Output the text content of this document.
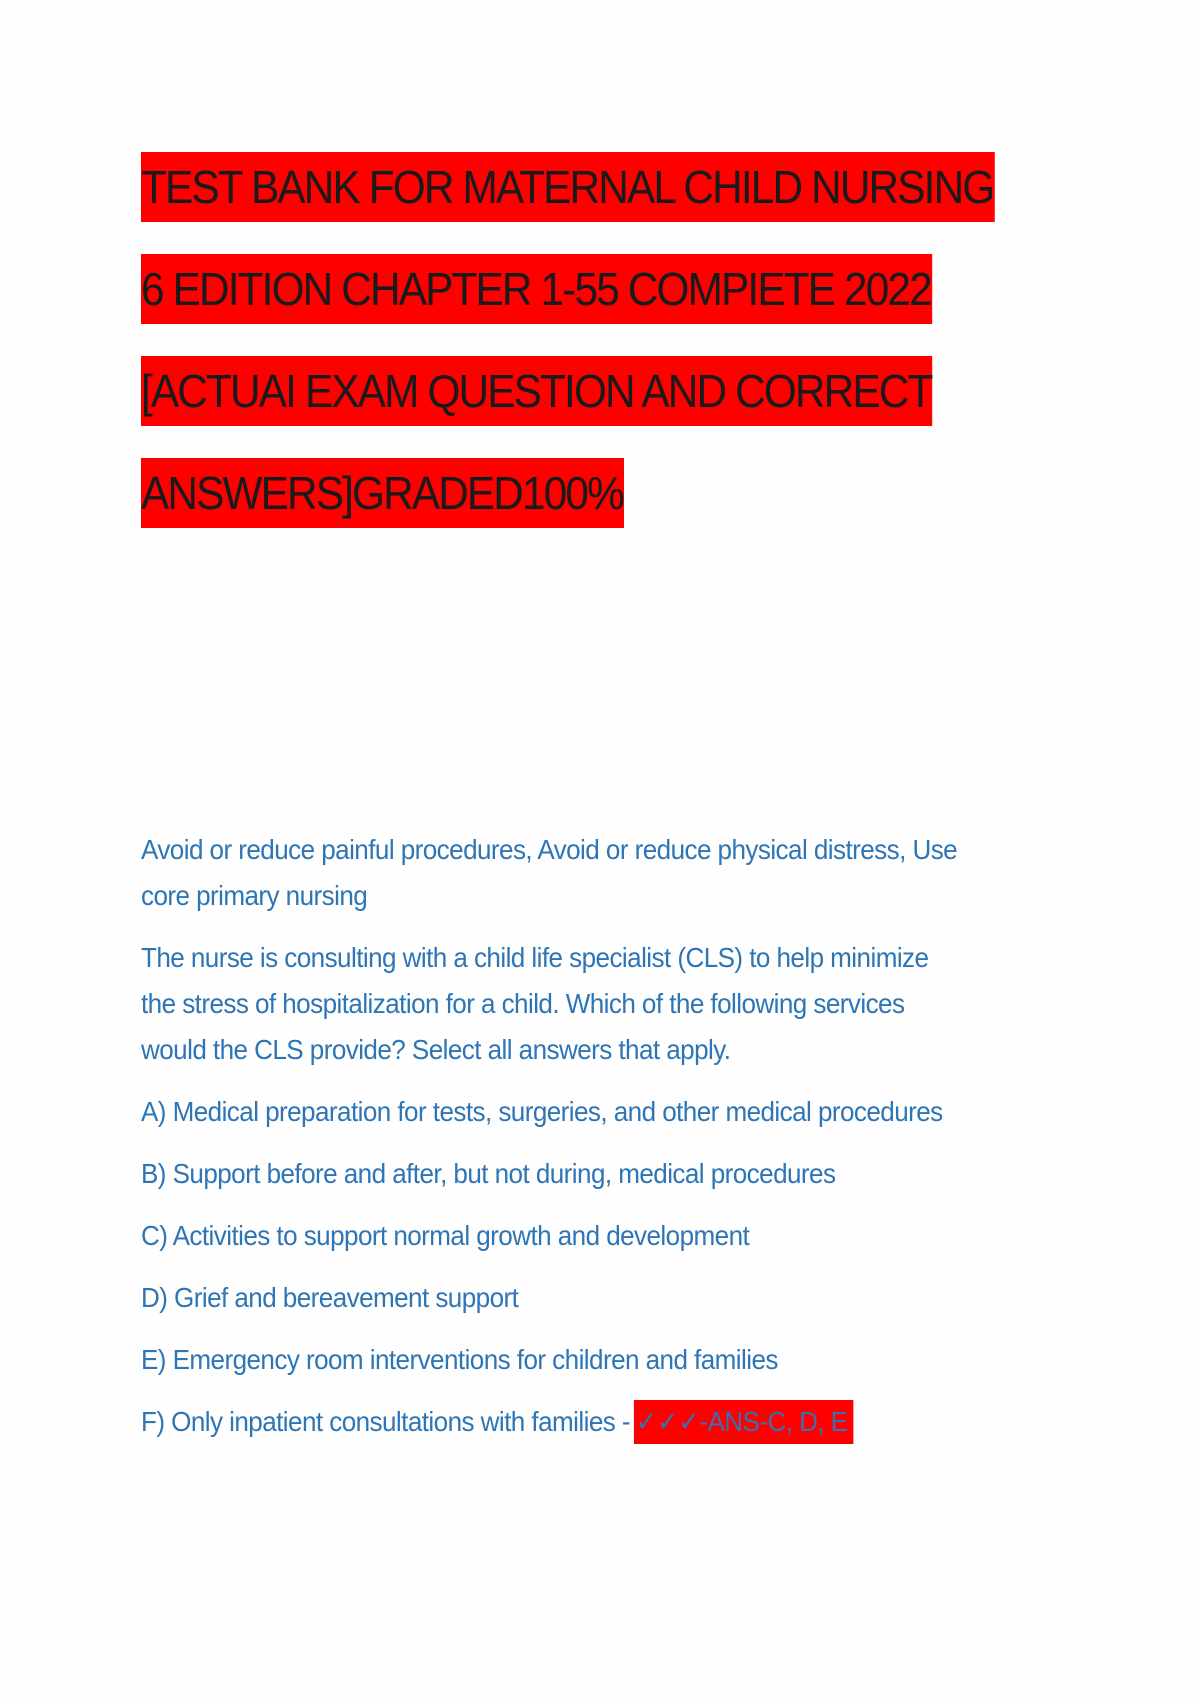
TEST BANK FOR MATERNAL CHILD NURSING
6 EDITION CHAPTER 1-55 COMPIETE 2022
[ACTUAI EXAM QUESTION AND CORRECT
ANSWERS]GRADED100%

Avoid or reduce painful procedures, Avoid or reduce physical distress, Use

core primary nursing

The nurse is consulting with a child life specialist (CLS) to help minimize

the stress of hospitalization for a child. Which of the following services

would the CLS provide? Select all answers that apply.

A) Medical preparation for tests, surgeries, and other medical procedures

B) Support before and after, but not during, medical procedures

C) Activities to support normal growth and development

D) Grief and bereavement support

E) Emergency room interventions for children and families

F) Only inpatient consultations with families - ✓✓✓-ANS-C, D, E
